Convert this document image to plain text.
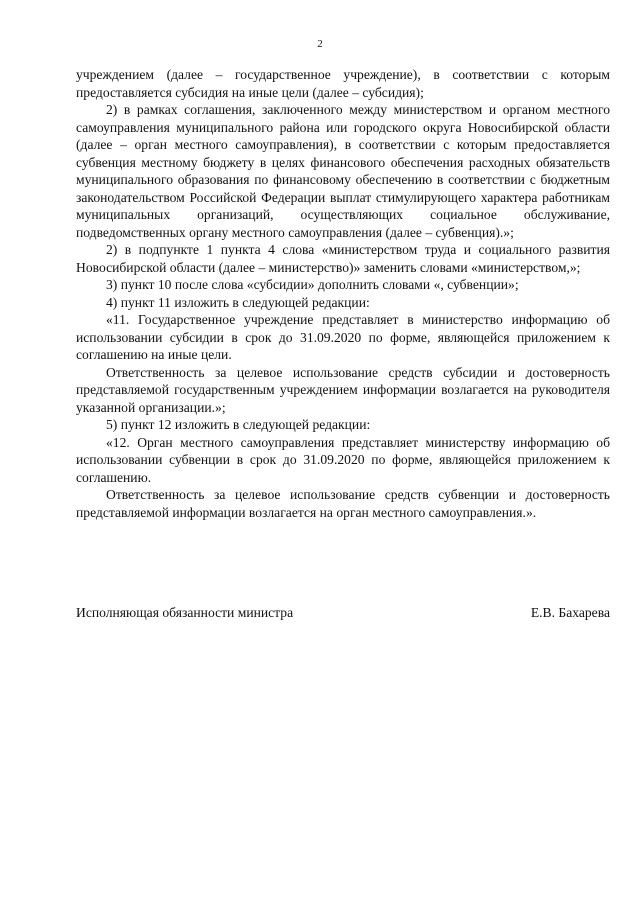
2

учреждением (далее – государственное учреждение), в соответствии с которым предоставляется субсидия на иные цели (далее – субсидия);

2) в рамках соглашения, заключенного между министерством и органом местного самоуправления муниципального района или городского округа Новосибирской области (далее – орган местного самоуправления), в соответствии с которым предоставляется субвенция местному бюджету в целях финансового обеспечения расходных обязательств муниципального образования по финансовому обеспечению в соответствии с бюджетным законодательством Российской Федерации выплат стимулирующего характера работникам муниципальных организаций, осуществляющих социальное обслуживание, подведомственных органу местного самоуправления (далее – субвенция).»;

2) в подпункте 1 пункта 4 слова «министерством труда и социального развития Новосибирской области (далее – министерство)» заменить словами «министерством,»;

3) пункт 10 после слова «субсидии» дополнить словами «, субвенции»;

4) пункт 11 изложить в следующей редакции:

«11. Государственное учреждение представляет в министерство информацию об использовании субсидии в срок до 31.09.2020 по форме, являющейся приложением к соглашению на иные цели.

Ответственность за целевое использование средств субсидии и достоверность представляемой государственным учреждением информации возлагается на руководителя указанной организации.»;

5) пункт 12 изложить в следующей редакции:

«12. Орган местного самоуправления представляет министерству информацию об использовании субвенции в срок до 31.09.2020 по форме, являющейся приложением к соглашению.

Ответственность за целевое использование средств субвенции и достоверность представляемой информации возлагается на орган местного самоуправления.».

Исполняющая обязанности министра	Е.В. Бахарева
